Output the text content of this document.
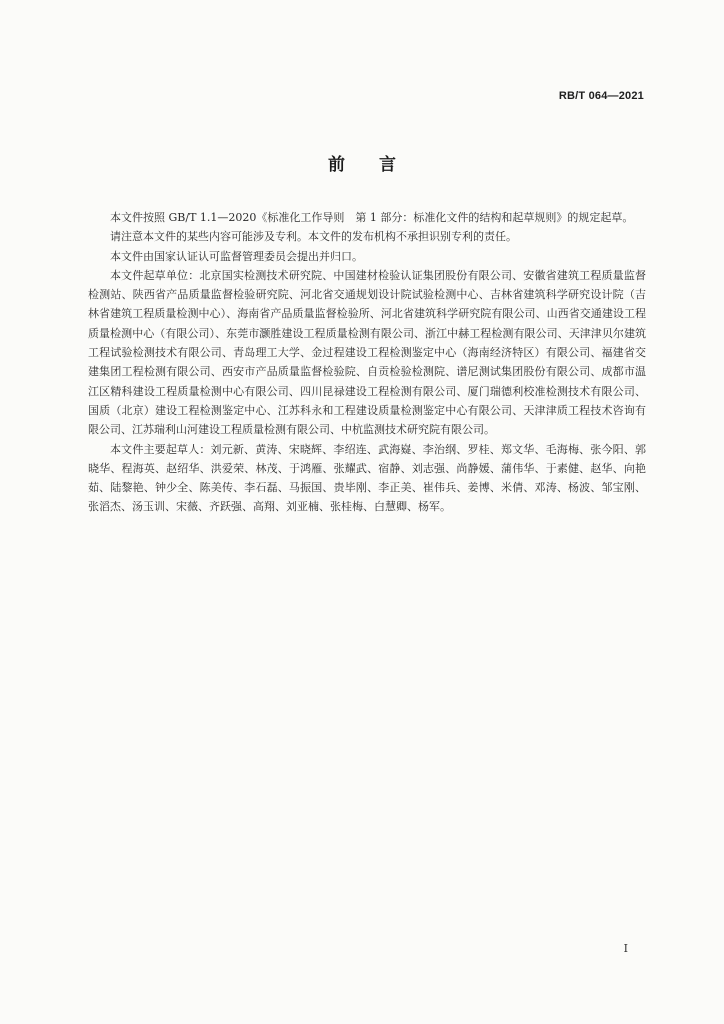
RB/T 064—2021
前言

本文件按照 GB/T 1.1—2020《标准化工作导则　第 1 部分：标准化文件的结构和起草规则》的规定起草。

请注意本文件的某些内容可能涉及专利。本文件的发布机构不承担识别专利的责任。

本文件由国家认证认可监督管理委员会提出并归口。

本文件起草单位：北京国实检测技术研究院、中国建材检验认证集团股份有限公司、安徽省建筑工程质量监督检测站、陕西省产品质量监督检验研究院、河北省交通规划设计院试验检测中心、吉林省建筑科学研究设计院（吉林省建筑工程质量检测中心）、海南省产品质量监督检验所、河北省建筑科学研究院有限公司、山西省交通建设工程质量检测中心（有限公司）、东莞市灏胜建设工程质量检测有限公司、浙江中赫工程检测有限公司、天津津贝尔建筑工程试验检测技术有限公司、青岛理工大学、金过程建设工程检测鉴定中心（海南经济特区）有限公司、福建省交建集团工程检测有限公司、西安市产品质量监督检验院、自贡检验检测院、谱尼测试集团股份有限公司、成都市温江区精科建设工程质量检测中心有限公司、四川昆禄建设工程检测有限公司、厦门瑞德利校准检测技术有限公司、国质（北京）建设工程检测鉴定中心、江苏科永和工程建设质量检测鉴定中心有限公司、天津津质工程技术咨询有限公司、江苏瑞利山河建设工程质量检测有限公司、中杭监测技术研究院有限公司。

本文件主要起草人：刘元新、黄涛、宋晓辉、李绍连、武海嶷、李治纲、罗桂、郑文华、毛海梅、张今阳、郭晓华、程海英、赵绍华、洪爱荣、林茂、于鸿雁、张耀武、宿静、刘志强、尚静媛、蒲伟华、于素健、赵华、向艳茹、陆黎艳、钟少全、陈美传、李石磊、马振国、贵毕刚、李正美、崔伟兵、姜博、米倩、邓涛、杨波、邹宝刚、张滔杰、汤玉训、宋薇、齐跃强、高翔、刘亚楠、张桂梅、白慧卿、杨军。

I
